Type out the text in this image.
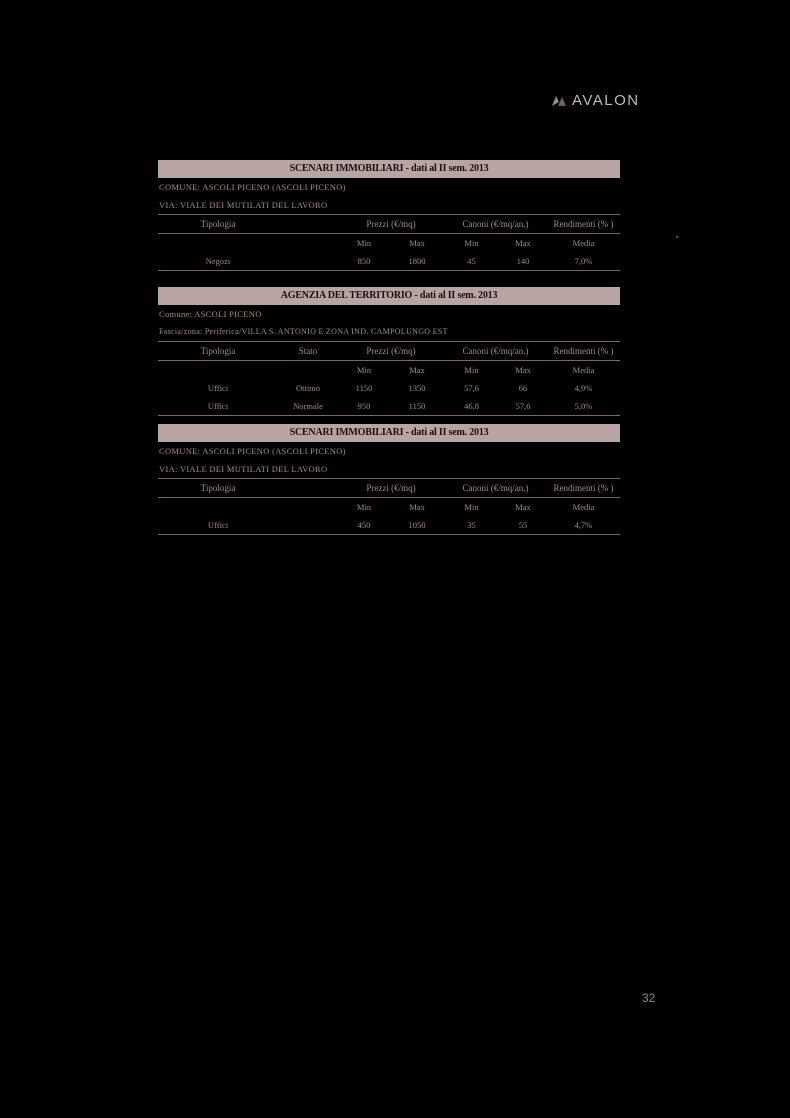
AVALON
SCENARI IMMOBILIARI - dati al II sem. 2013
COMUNE: ASCOLI PICENO (ASCOLI PICENO)
VIA: VIALE DEI MUTILATI DEL LAVORO
Tipologia		Prezzi (€/mq)		Canoni (€/mq/an.)		Rendimenti (% )
		Min	Max	Min	Max	Media
Negozi		850	1800	45	140	7,0%
AGENZIA DEL TERRITORIO - dati al II sem. 2013
Comune: ASCOLI PICENO
Fascia/zona: Periferica/VILLA S. ANTONIO E ZONA IND. CAMPOLUNGO EST
Tipologia	Stato	Prezzi (€/mq)		Canoni (€/mq/an.)		Rendimenti (% )
		Min	Max	Min	Max	Media
Uffici	Ottimo	1150	1350	57,6	66	4,9%
Uffici	Normale	950	1150	46,8	57,6	5,0%
SCENARI IMMOBILIARI - dati al II sem. 2013
COMUNE: ASCOLI PICENO (ASCOLI PICENO)
VIA: VIALE DEI MUTILATI DEL LAVORO
Tipologia		Prezzi (€/mq)		Canoni (€/mq/an.)		Rendimenti (% )
		Min	Max	Min	Max	Media
Uffici		450	1050	35	55	4,7%
32
